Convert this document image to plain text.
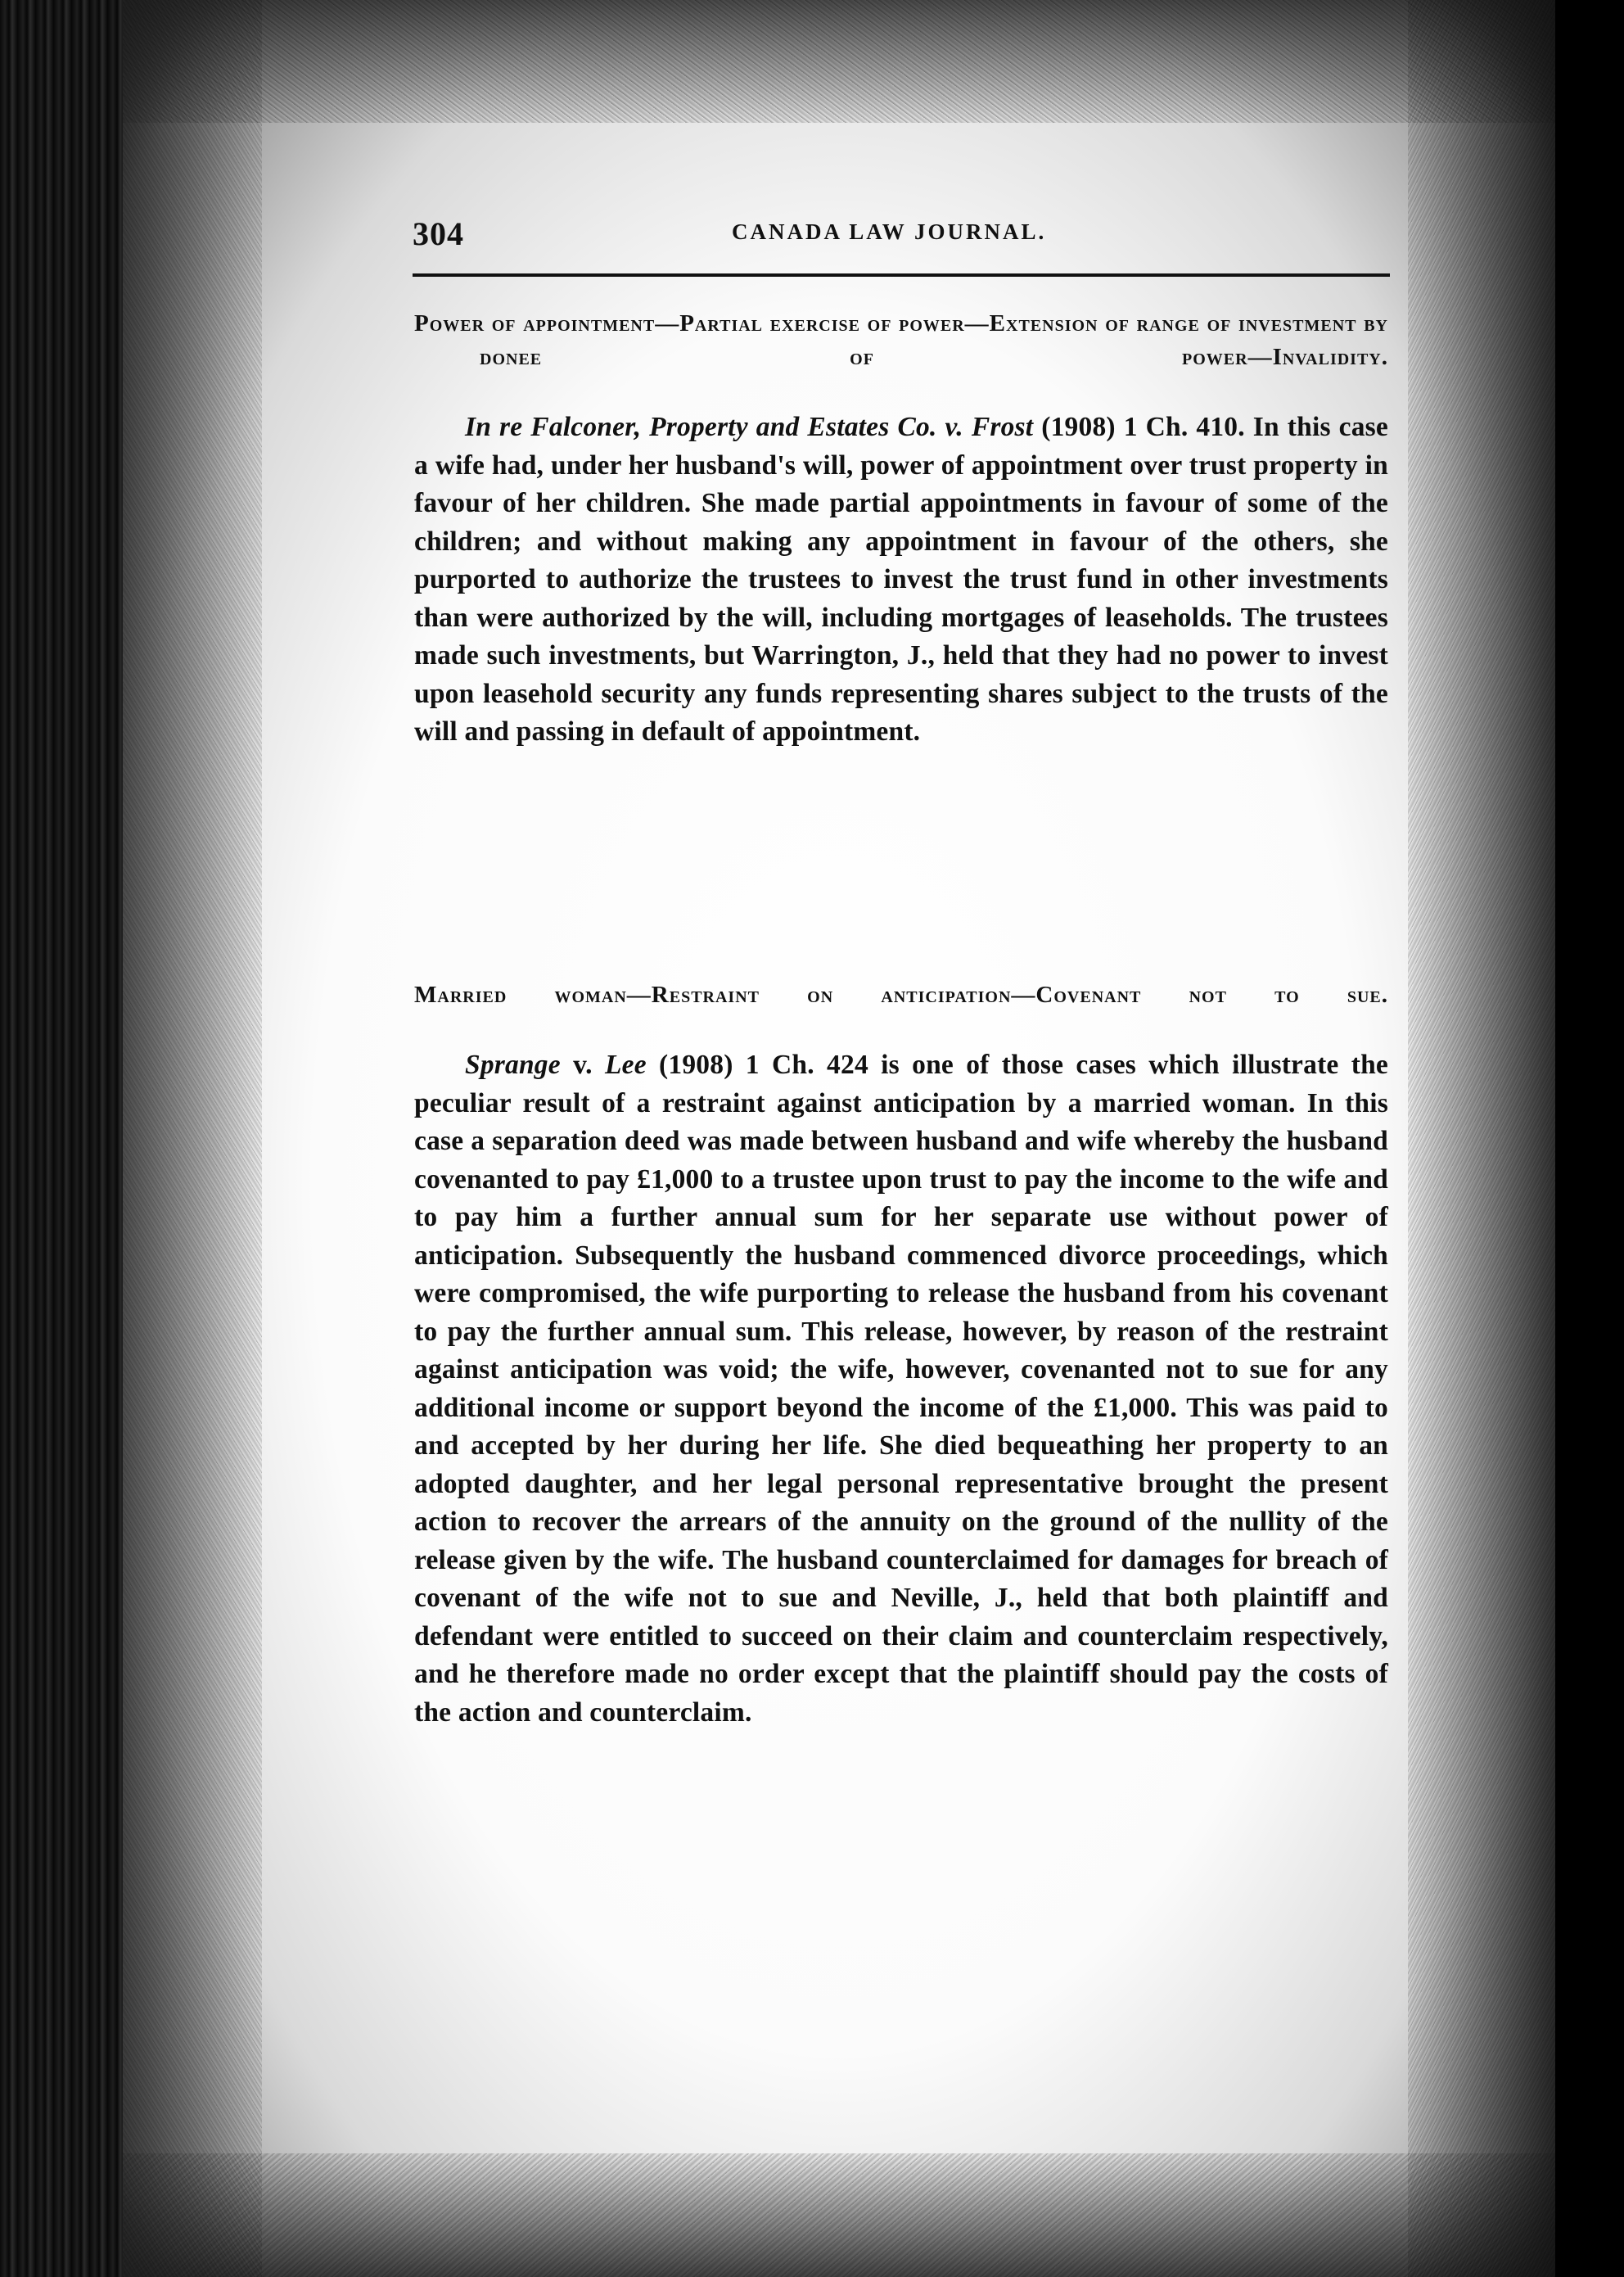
304	CANADA LAW JOURNAL.
Power of appointment—Partial exercise of power—Extension of range of investment by donee of power—Invalidity.

In re Falconer, Property and Estates Co. v. Frost (1908) 1 Ch. 410. In this case a wife had, under her husband's will, power of appointment over trust property in favour of her children. She made partial appointments in favour of some of the children; and without making any appointment in favour of the others, she purported to authorize the trustees to invest the trust fund in other investments than were authorized by the will, including mortgages of leaseholds. The trustees made such investments, but Warrington, J., held that they had no power to invest upon leasehold security any funds representing shares subject to the trusts of the will and passing in default of appointment.

Married woman—Restraint on anticipation—Covenant not to sue.

Sprange v. Lee (1908) 1 Ch. 424 is one of those cases which illustrate the peculiar result of a restraint against anticipation by a married woman. In this case a separation deed was made between husband and wife whereby the husband covenanted to pay £1,000 to a trustee upon trust to pay the income to the wife and to pay him a further annual sum for her separate use without power of anticipation. Subsequently the husband commenced divorce proceedings, which were compromised, the wife purporting to release the husband from his covenant to pay the further annual sum. This release, however, by reason of the restraint against anticipation was void; the wife, however, covenanted not to sue for any additional income or support beyond the income of the £1,000. This was paid to and accepted by her during her life. She died bequeathing her property to an adopted daughter, and her legal personal representative brought the present action to recover the arrears of the annuity on the ground of the nullity of the release given by the wife. The husband counterclaimed for damages for breach of covenant of the wife not to sue and Neville, J., held that both plaintiff and defendant were entitled to succeed on their claim and counterclaim respectively, and he therefore made no order except that the plaintiff should pay the costs of the action and counterclaim.
